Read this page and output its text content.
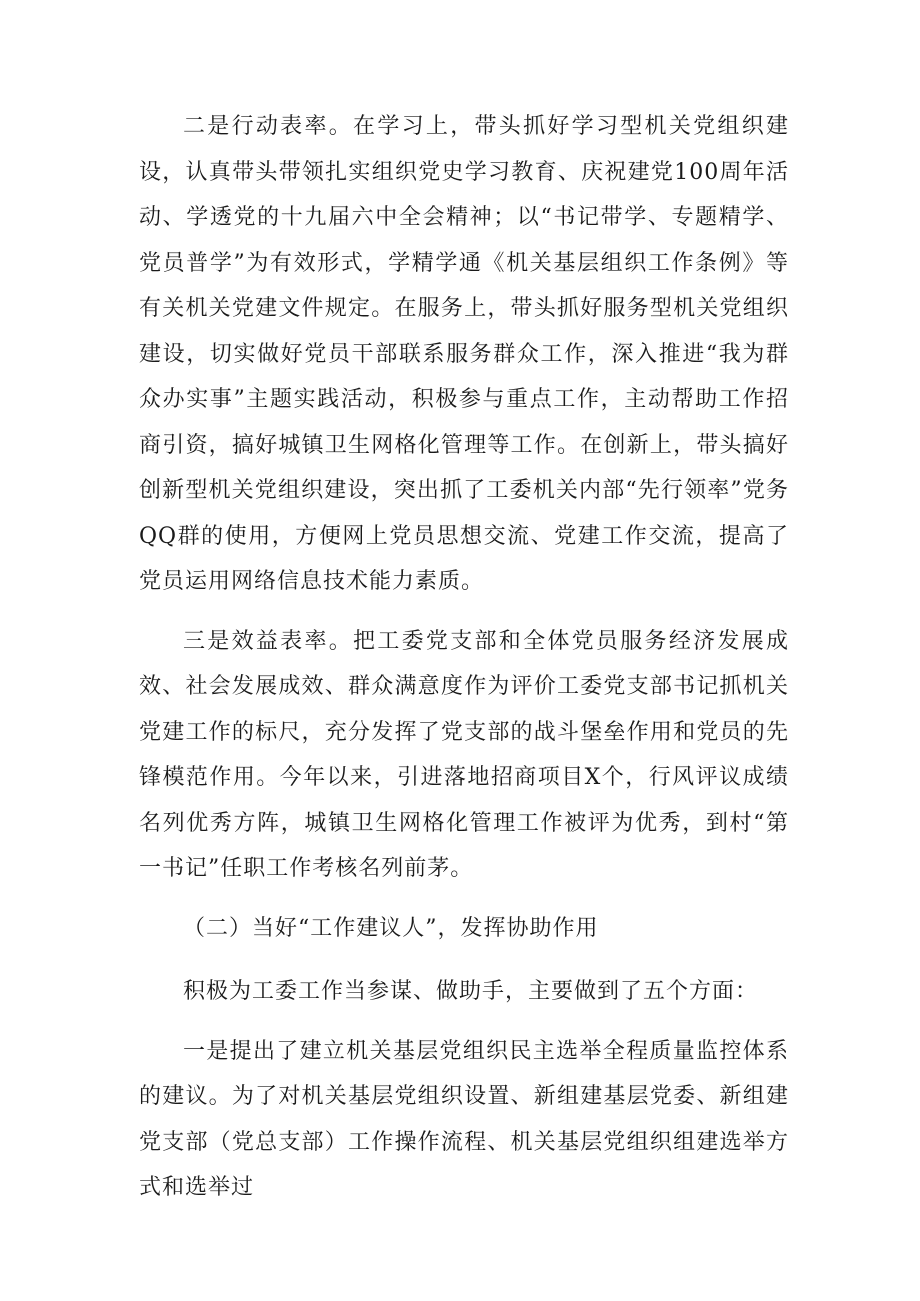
二是行动表率。在学习上，带头抓好学习型机关党组织建设，认真带头带领扎实组织党史学习教育、庆祝建党100周年活动、学透党的十九届六中全会精神；以“书记带学、专题精学、党员普学”为有效形式，学精学通《机关基层组织工作条例》等有关机关党建文件规定。在服务上，带头抓好服务型机关党组织建设，切实做好党员干部联系服务群众工作，深入推进“我为群众办实事”主题实践活动，积极参与重点工作，主动帮助工作招商引资，搞好城镇卫生网格化管理等工作。在创新上，带头搞好创新型机关党组织建设，突出抓了工委机关内部“先行领率”党务QQ群的使用，方便网上党员思想交流、党建工作交流，提高了党员运用网络信息技术能力素质。

三是效益表率。把工委党支部和全体党员服务经济发展成效、社会发展成效、群众满意度作为评价工委党支部书记抓机关党建工作的标尺，充分发挥了党支部的战斗堡垒作用和党员的先锋模范作用。今年以来，引进落地招商项目X个，行风评议成绩名列优秀方阵，城镇卫生网格化管理工作被评为优秀，到村“第一书记”任职工作考核名列前茅。

（二）当好“工作建议人”，发挥协助作用

积极为工委工作当参谋、做助手，主要做到了五个方面：

一是提出了建立机关基层党组织民主选举全程质量监控体系的建议。为了对机关基层党组织设置、新组建基层党委、新组建党支部（党总支部）工作操作流程、机关基层党组织组建选举方式和选举过
